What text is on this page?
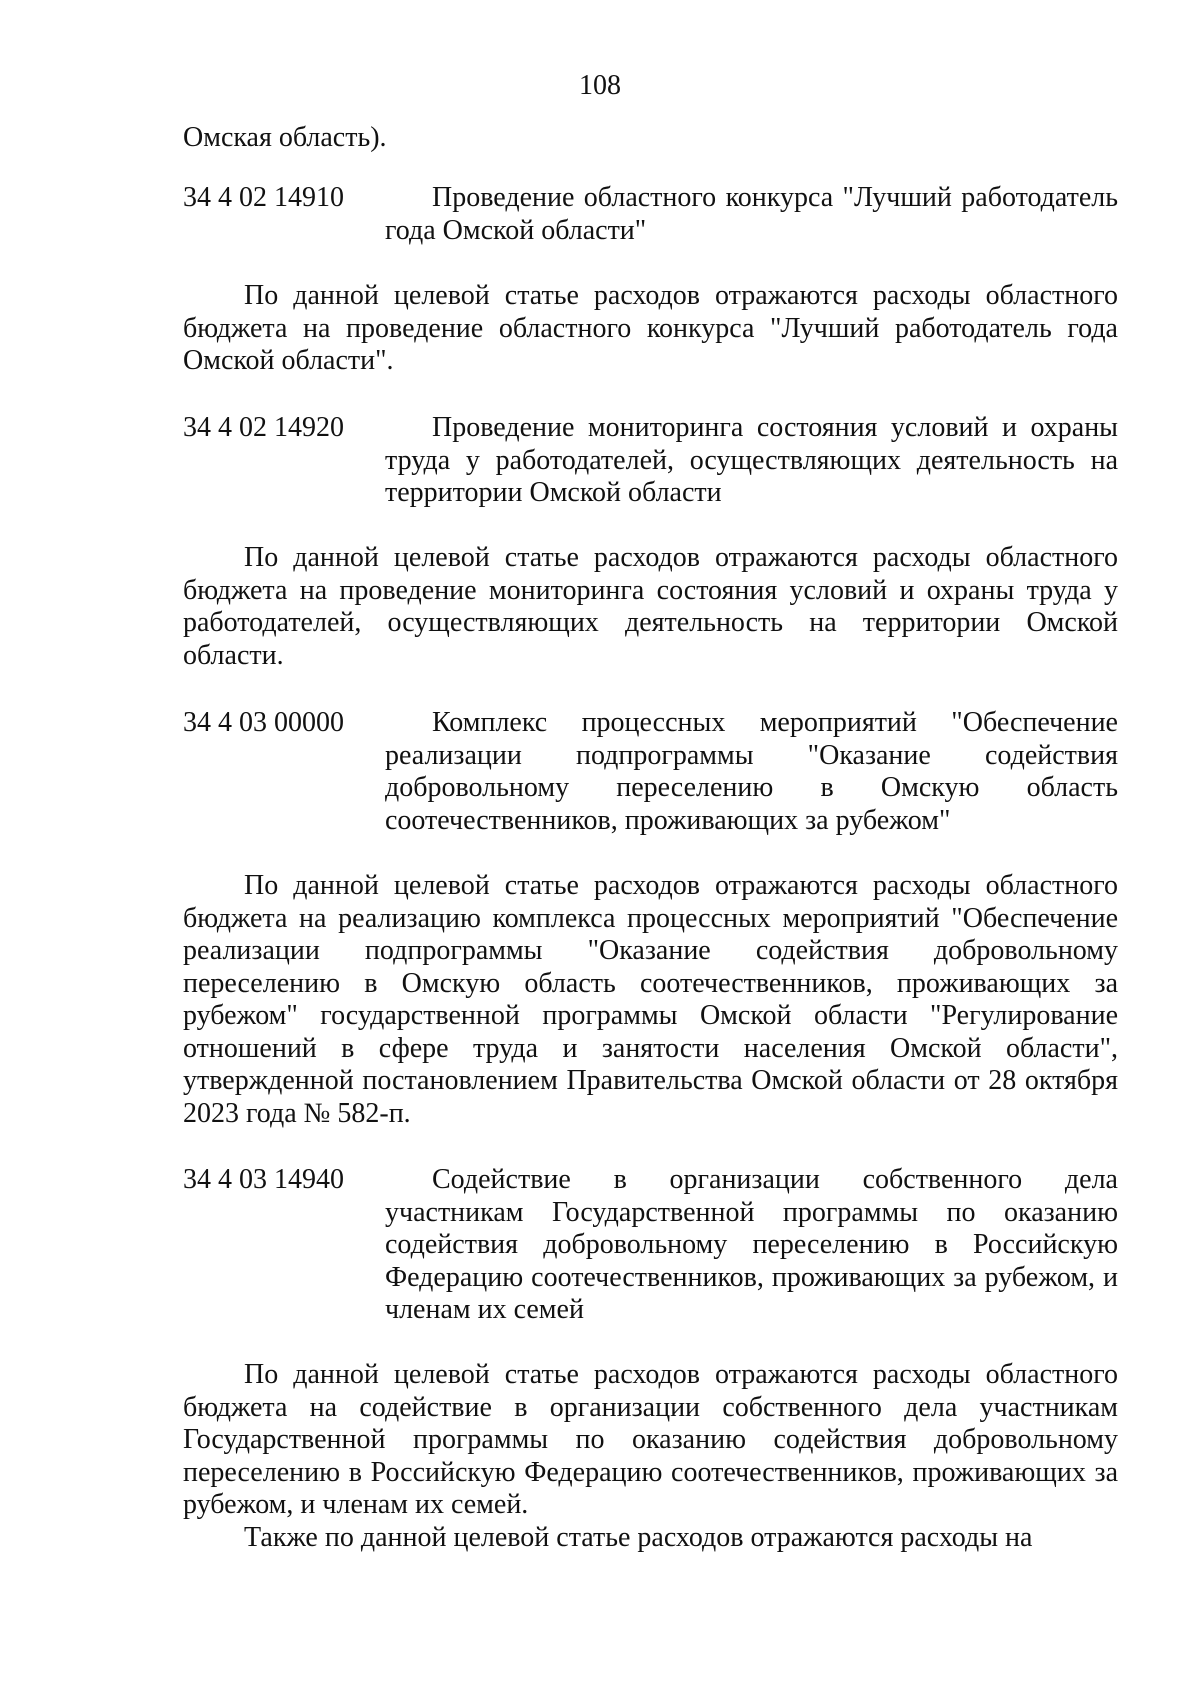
108

Омская область).

34 4 02 14910	Проведение областного конкурса "Лучший работодатель года Омской области"

По данной целевой статье расходов отражаются расходы областного бюджета на проведение областного конкурса "Лучший работодатель года Омской области".

34 4 02 14920	Проведение мониторинга состояния условий и охраны труда у работодателей, осуществляющих деятельность на территории Омской области

По данной целевой статье расходов отражаются расходы областного бюджета на проведение мониторинга состояния условий и охраны труда у работодателей, осуществляющих деятельность на территории Омской области.

34 4 03 00000	Комплекс процессных мероприятий "Обеспечение реализации подпрограммы "Оказание содействия добровольному переселению в Омскую область соотечественников, проживающих за рубежом"

По данной целевой статье расходов отражаются расходы областного бюджета на реализацию комплекса процессных мероприятий "Обеспечение реализации подпрограммы "Оказание содействия добровольному переселению в Омскую область соотечественников, проживающих за рубежом" государственной программы Омской области "Регулирование отношений в сфере труда и занятости населения Омской области", утвержденной постановлением Правительства Омской области от 28 октября 2023 года № 582-п.

34 4 03 14940	Содействие в организации собственного дела участникам Государственной программы по оказанию содействия добровольному переселению в Российскую Федерацию соотечественников, проживающих за рубежом, и членам их семей

По данной целевой статье расходов отражаются расходы областного бюджета на содействие в организации собственного дела участникам Государственной программы по оказанию содействия добровольному переселению в Российскую Федерацию соотечественников, проживающих за рубежом, и членам их семей.

Также по данной целевой статье расходов отражаются расходы на
